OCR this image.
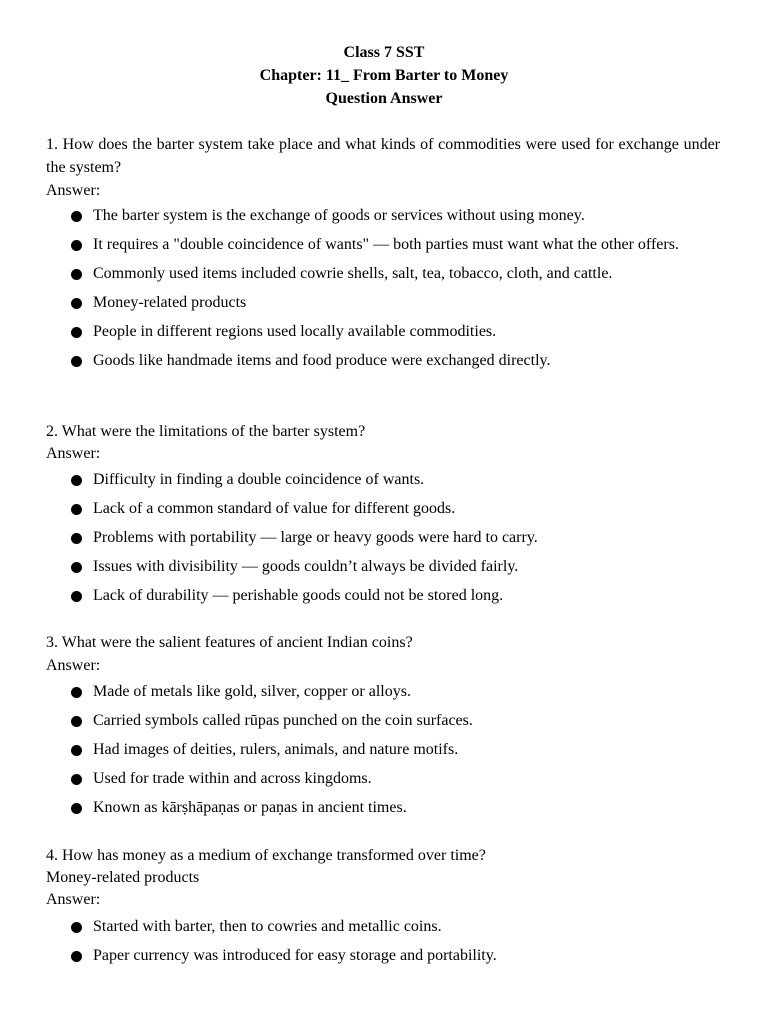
Class 7 SST
Chapter: 11_ From Barter to Money
Question Answer
1. How does the barter system take place and what kinds of commodities were used for exchange under the system?
Answer:
The barter system is the exchange of goods or services without using money.
It requires a "double coincidence of wants" — both parties must want what the other offers.
Commonly used items included cowrie shells, salt, tea, tobacco, cloth, and cattle.
Money-related products
People in different regions used locally available commodities.
Goods like handmade items and food produce were exchanged directly.
2. What were the limitations of the barter system?
Answer:
Difficulty in finding a double coincidence of wants.
Lack of a common standard of value for different goods.
Problems with portability — large or heavy goods were hard to carry.
Issues with divisibility — goods couldn’t always be divided fairly.
Lack of durability — perishable goods could not be stored long.
3. What were the salient features of ancient Indian coins?
Answer:
Made of metals like gold, silver, copper or alloys.
Carried symbols called rūpas punched on the coin surfaces.
Had images of deities, rulers, animals, and nature motifs.
Used for trade within and across kingdoms.
Known as kārṣhāpaṇas or paṇas in ancient times.
4. How has money as a medium of exchange transformed over time?
Money-related products
Answer:
Started with barter, then to cowries and metallic coins.
Paper currency was introduced for easy storage and portability.
